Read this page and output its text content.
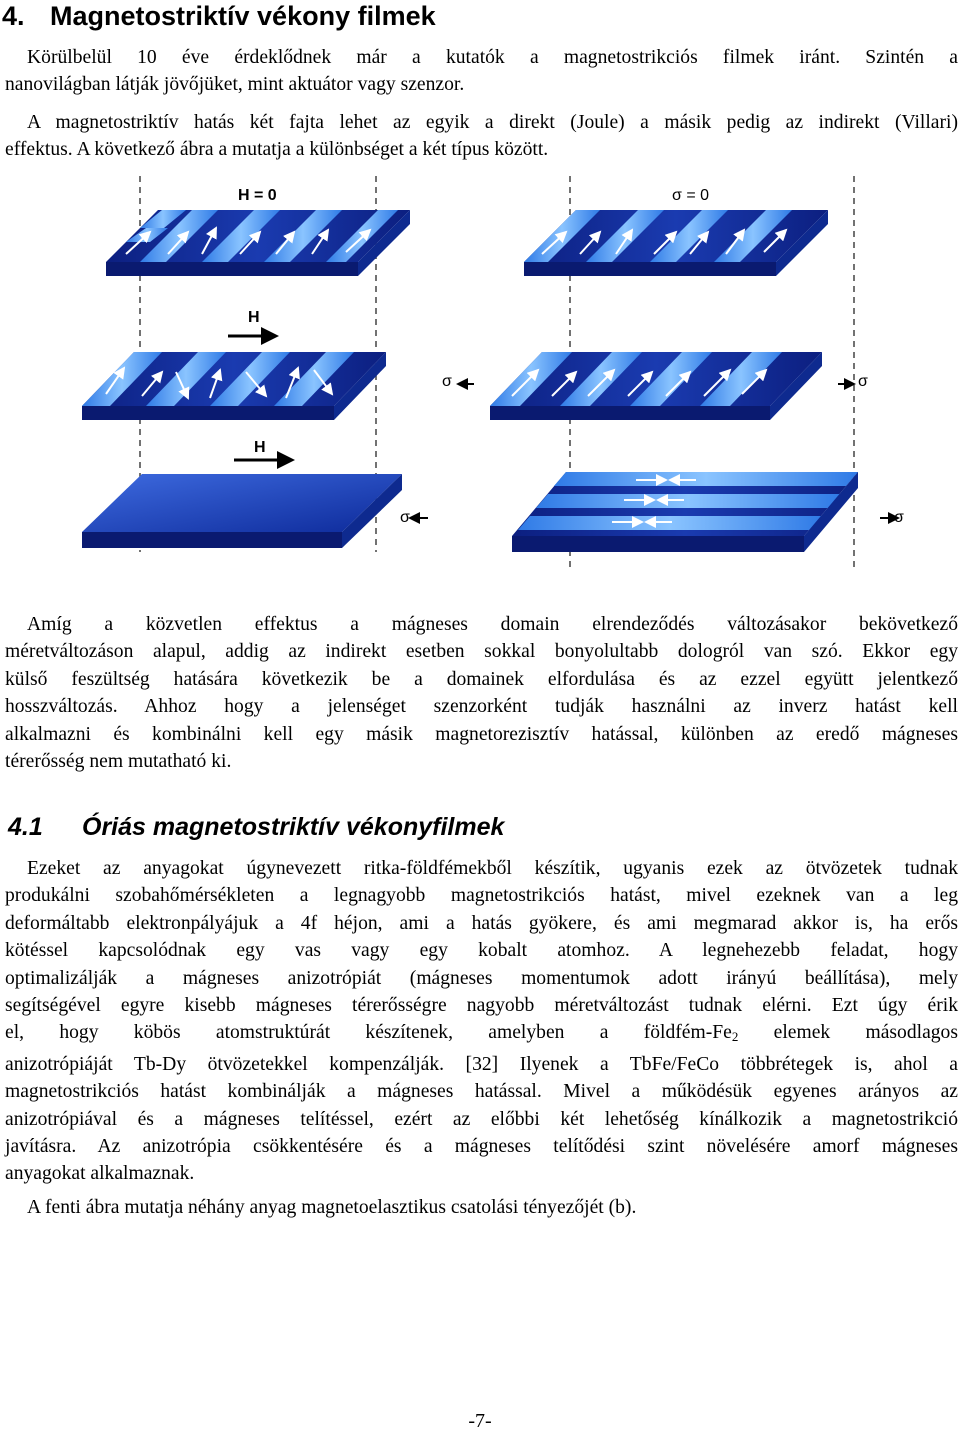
4. Magnetostriktív vékony filmek
Körülbelül 10 éve érdeklődnek már a kutatók a magnetostrikciós filmek iránt. Szintén a
nanovilágban látják jövőjüket, mint aktuátor vagy szenzor.
A magnetostriktív hatás két fajta lehet az egyik a direkt (Joule) a másik pedig az indirekt (Villari)
effektus. A következő ábra a mutatja a különbséget a két típus között.
H = 0	σ = 0
H
H
σ	σ
σ	σ
Amíg a közvetlen effektus a mágneses domain elrendeződés változásakor bekövetkező
méretváltozáson alapul, addig az indirekt esetben sokkal bonyolultabb dologról van szó. Ekkor egy
külső feszültség hatására következik be a domainek elfordulása és az ezzel együtt jelentkező
hosszváltozás. Ahhoz hogy a jelenséget szenzorként tudják használni az inverz hatást kell
alkalmazni és kombinálni kell egy másik magnetorezisztív hatással, különben az eredő mágneses
térerősség nem mutatható ki.
4.1 Óriás magnetostriktív vékonyfilmek
Ezeket az anyagokat úgynevezett ritka-földfémekből készítik, ugyanis ezek az ötvözetek tudnak
produkálni szobahőmérsékleten a legnagyobb magnetostrikciós hatást, mivel ezeknek van a leg
deformáltabb elektronpályájuk a 4f héjon, ami a hatás gyökere, és ami megmarad akkor is, ha erős
kötéssel kapcsolódnak egy vas vagy egy kobalt atomhoz. A legnehezebb feladat, hogy
optimalizálják a mágneses anizotrópiát (mágneses momentumok adott irányú beállítása), mely
segítségével egyre kisebb mágneses térerősségre nagyobb méretváltozást tudnak elérni. Ezt úgy érik
el, hogy köbös atomstruktúrát készítenek, amelyben a földfém-$Fe_2$ elemek másodlagos
anizotrópiáját Tb-Dy ötvözetekkel kompenzálják. [32] Ilyenek a TbFe/FeCo többrétegek is, ahol a
magnetostrikciós hatást kombinálják a mágneses hatással. Mivel a működésük egyenes arányos az
anizotrópiával és a mágneses telítéssel, ezért az előbbi két lehetőség kínálkozik a magnetostrikció
javításra. Az anizotrópia csökkentésére és a mágneses telítődési szint növelésére amorf mágneses
anyagokat alkalmaznak.
A fenti ábra mutatja néhány anyag magnetoelasztikus csatolási tényezőjét (b).
-7-
